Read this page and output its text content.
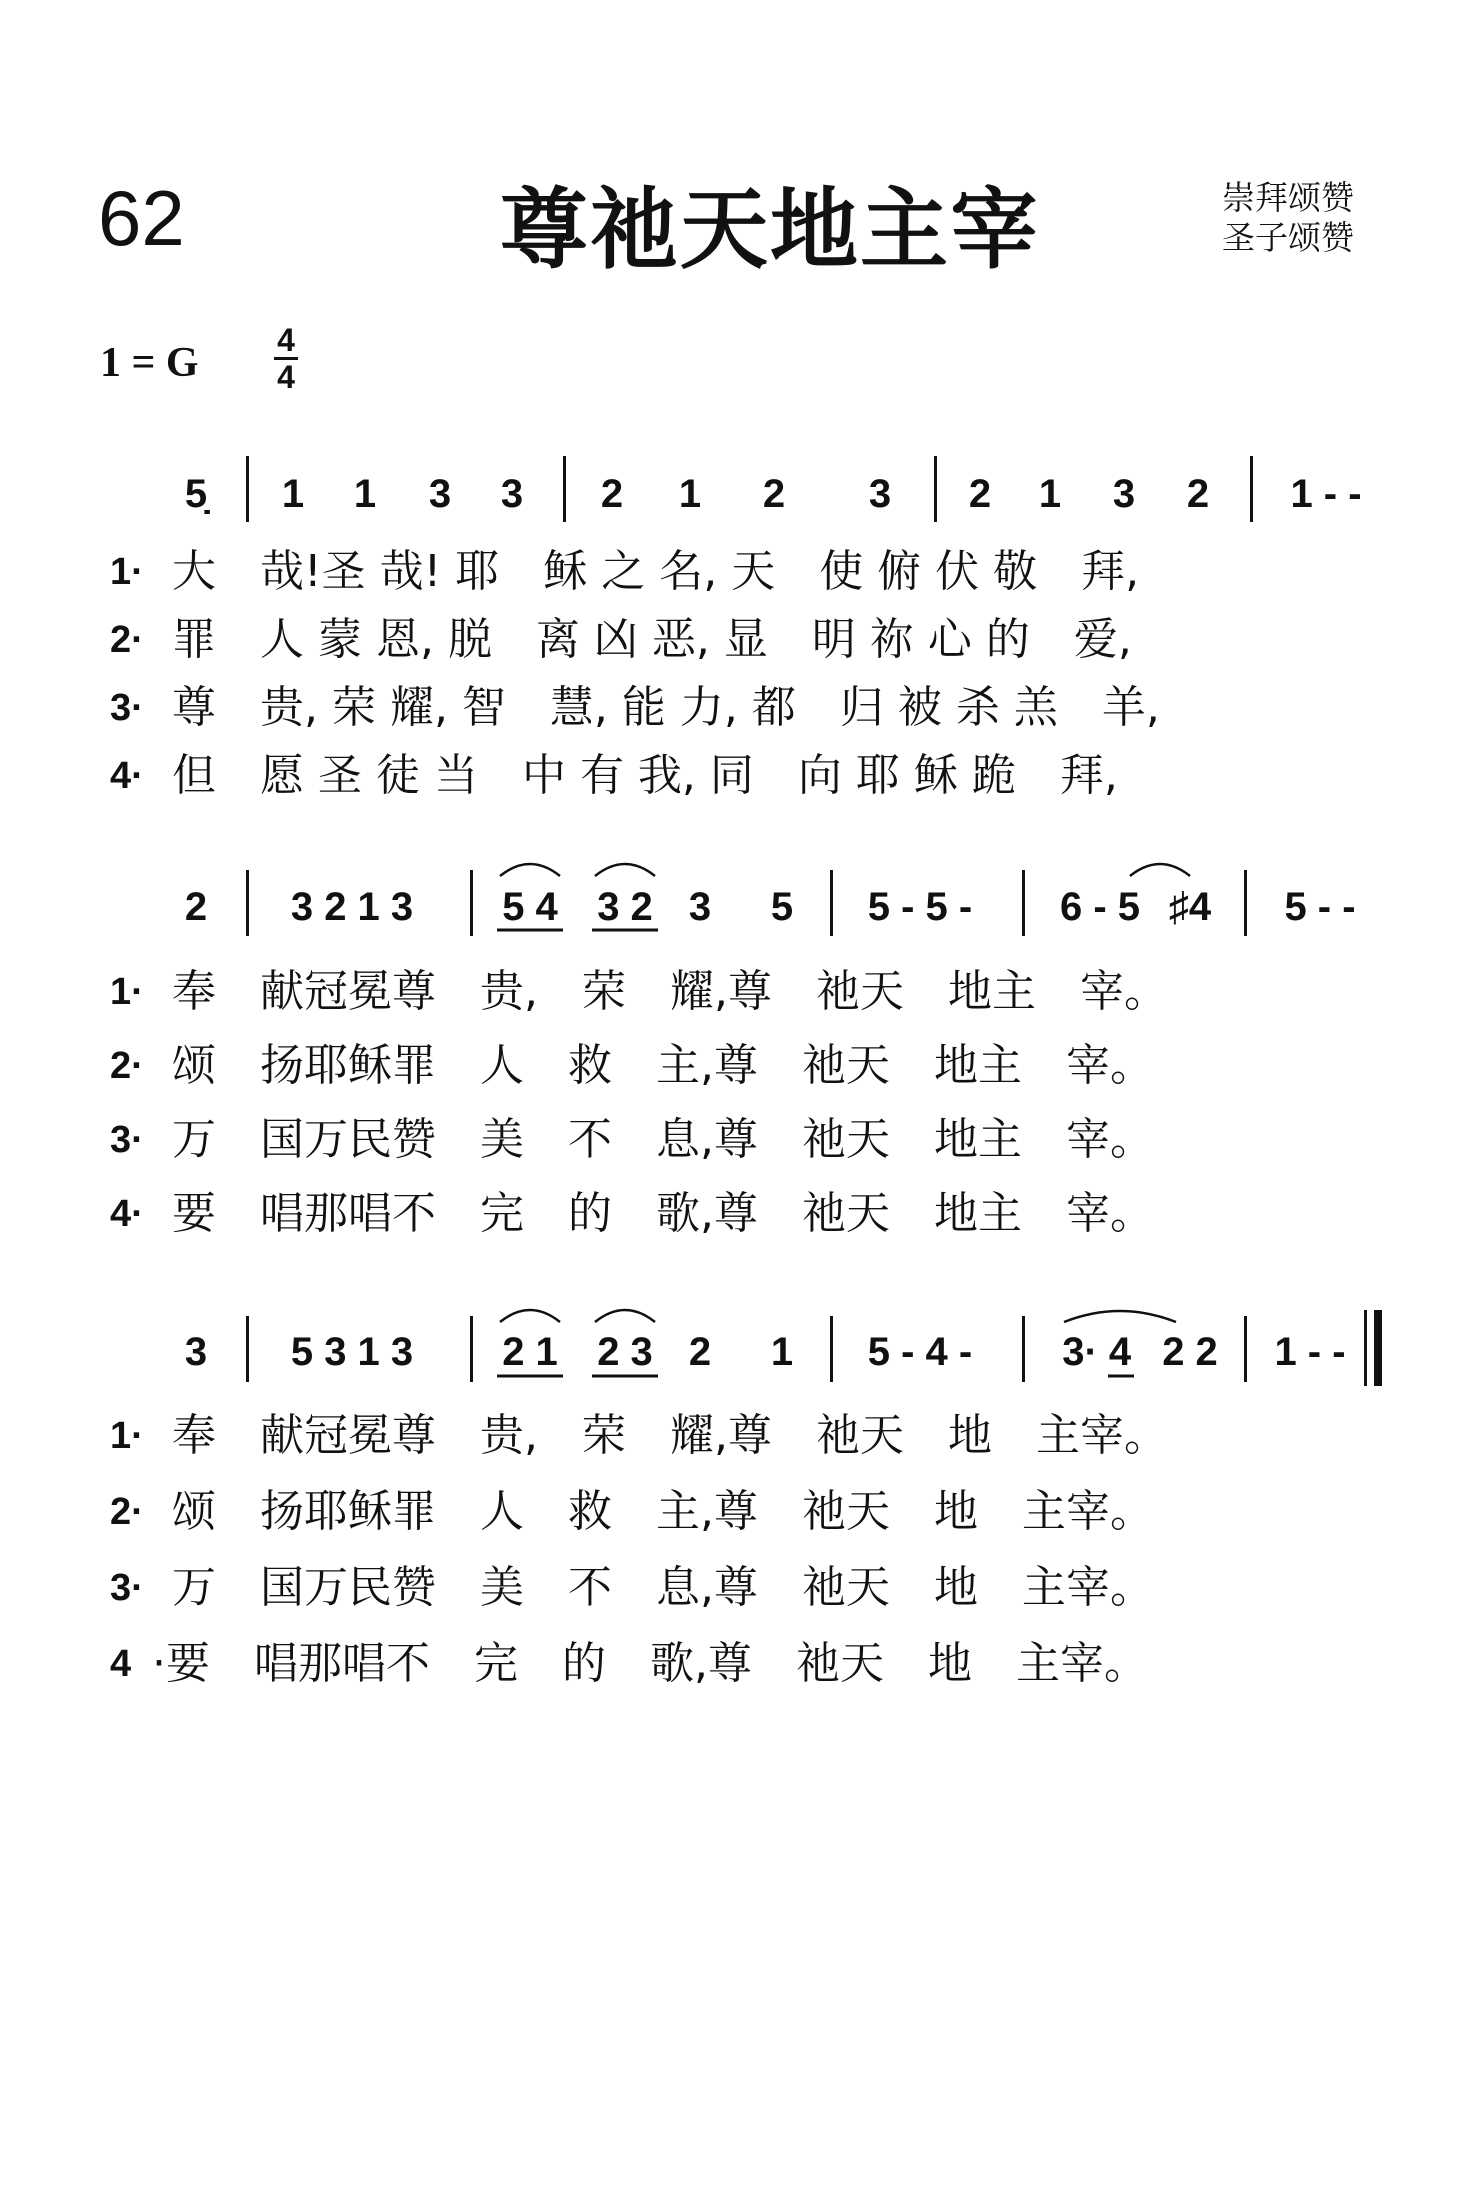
62	尊祂天地主宰	崇拜颂赞
圣子颂赞
1 = G 4
4
5̣ 1 1 3 3 2 1 2 3 2 1 3 2 1 - -
1·
2·
3·
4·
大　哉!圣 哉! 耶　稣 之 名, 天　使 俯 伏 敬　拜,
罪　人 蒙 恩, 脱　离 凶 恶, 显　明 祢 心 的　爱,
尊　贵, 荣 耀, 智　慧, 能 力, 都　归 被 杀 羔　羊,
但　愿 圣 徒 当　中 有 我, 同　向 耶 稣 跪　拜,
2 3 2 1 3 5 4 3 2 3 5 5 - 5 - 6 - 5 ♯4 5 - -
1·
2·
3·
4·
奉　献冠冕尊　贵,　荣　耀,尊　祂天　地主　宰。
颂　扬耶稣罪　人　救　主,尊　祂天　地主　宰。
万　国万民赞　美　不　息,尊　祂天　地主　宰。
要　唱那唱不　完　的　歌,尊　祂天　地主　宰。
3 5 3 1 3 2 1 2 3 2 1 5 - 4 - 3· 4 2 2 1 - -
1·
2·
3·
4
奉　献冠冕尊　贵,　荣　耀,尊　祂天　地　主宰。
颂　扬耶稣罪　人　救　主,尊　祂天　地　主宰。
万　国万民赞　美　不　息,尊　祂天　地　主宰。
·要　唱那唱不　完　的　歌,尊　祂天　地　主宰。
